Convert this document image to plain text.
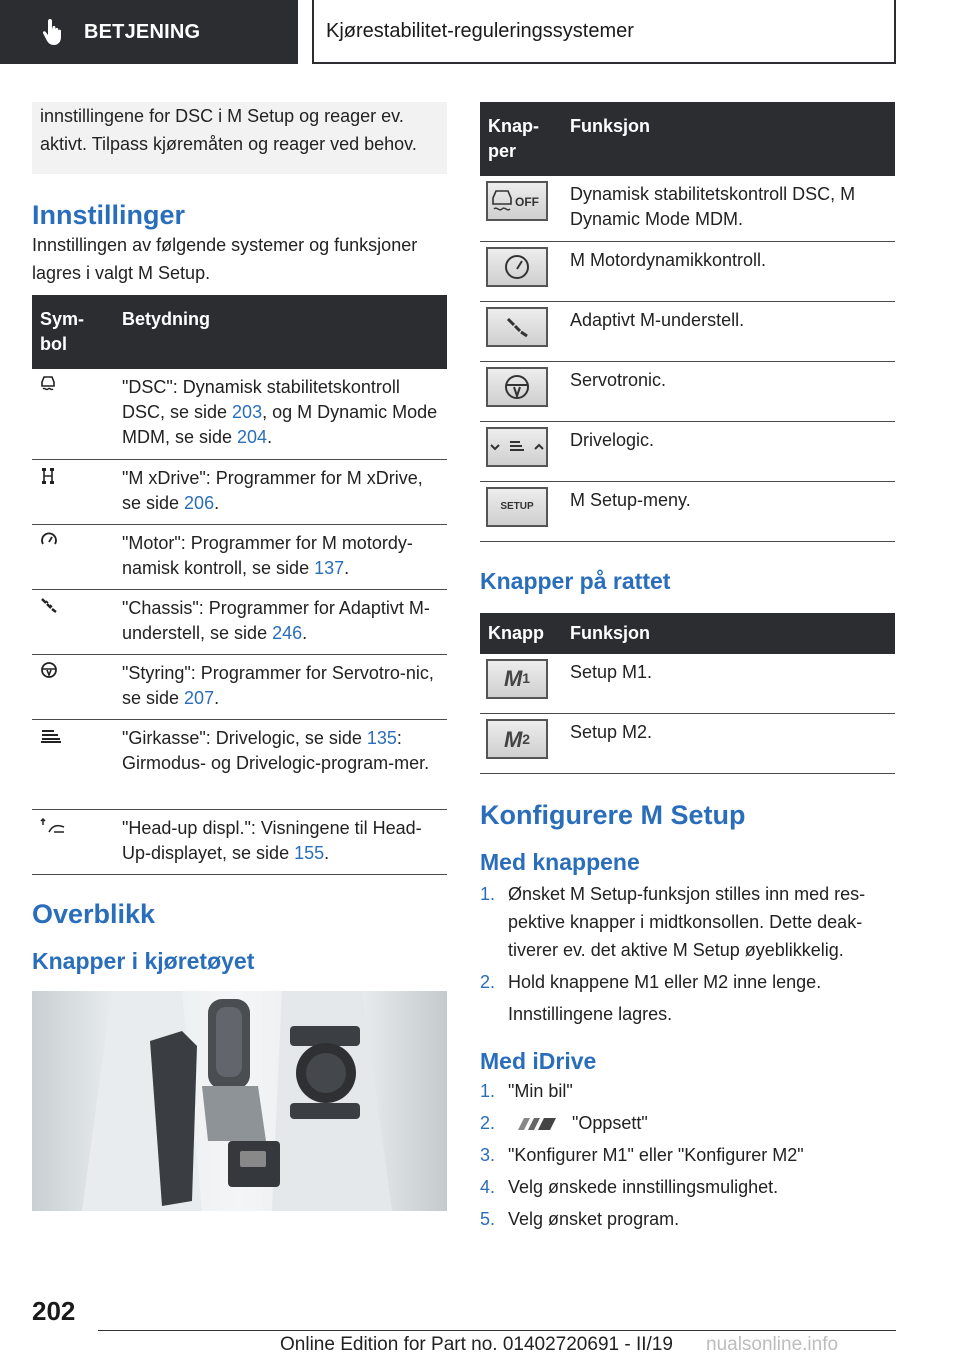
BETJENING	Kjørestabilitet-reguleringssystemer
innstillingene for DSC i M Setup og reager ev. aktivt. Tilpass kjøremåten og reager ved behov.
Innstillinger

Innstillingen av følgende systemer og funksjoner lagres i valgt M Setup.

Sym-bol	Betydning
	"DSC": Dynamisk stabilitetskontroll DSC, se side 203, og M Dynamic Mode MDM, se side 204.
	"M xDrive": Programmer for M xDrive, se side 206.
	"Motor": Programmer for M motordy-namisk kontroll, se side 137.
	"Chassis": Programmer for Adaptivt M-understell, se side 246.
	"Styring": Programmer for Servotro-nic, se side 207.
	"Girkasse": Drivelogic, se side 135: Girmodus- og Drivelogic-program-mer.
	"Head-up displ.": Visningene til Head-Up-displayet, se side 155.
Overblikk
Knapper i kjøretøyet
Knap-per	Funksjon

OFF	Dynamisk stabilitetskontroll DSC, M Dynamic Mode MDM.

	M Motordynamikkontroll.

	Adaptivt M-understell.

	Servotronic.

	Drivelogic.

SETUP	M Setup-meny.
Knapper på rattet
Knapp	Funksjon

M 1	Setup M1.

M 2	Setup M2.
Konfigurere M Setup
Med knappene
1. Ønsket M Setup-funksjon stilles inn med res-pektive knapper i midtkonsollen. Dette deak-tiverer ev. det aktive M Setup øyeblikkelig.
2. Hold knappene M1 eller M2 inne lenge.

Innstillingene lagres.

Med iDrive
1. "Min bil"
2.	"Oppsett"
3. "Konfigurer M1" eller "Konfigurer M2"
4. Velg ønskede innstillingsmulighet.
5. Velg ønsket program.
202
Online Edition for Part no. 01402720691 - II/19 nualsonline.info
